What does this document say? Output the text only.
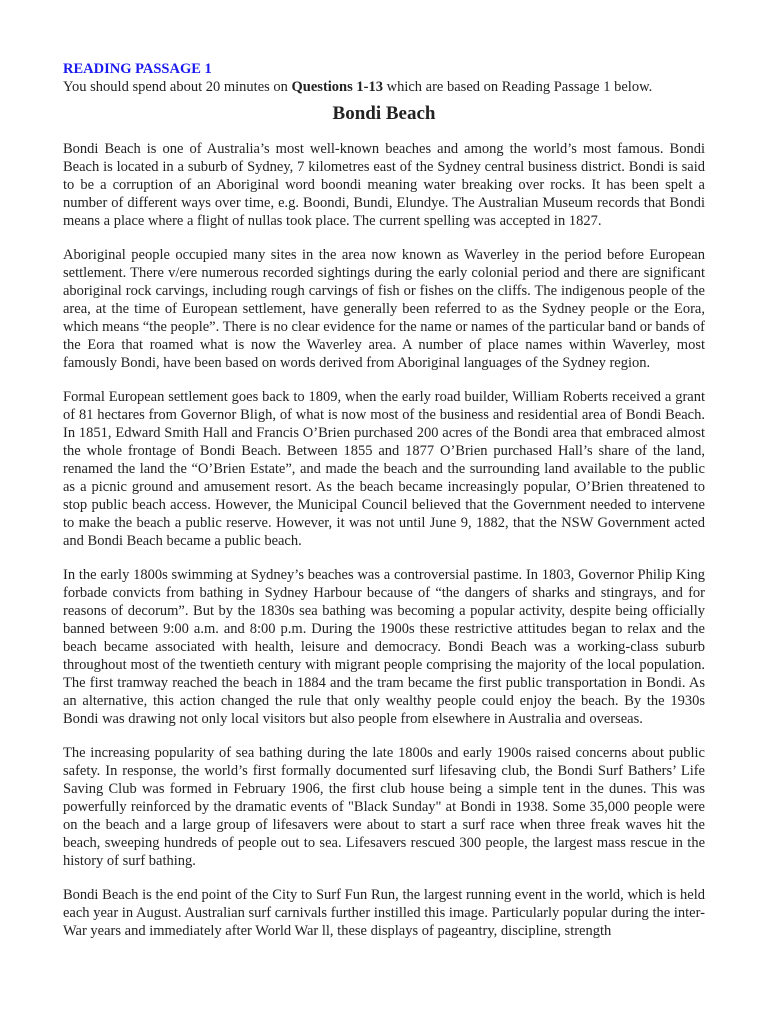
READING PASSAGE 1

You should spend about 20 minutes on Questions 1-13 which are based on Reading Passage 1 below.

Bondi Beach

Bondi Beach is one of Australia’s most well-known beaches and among the world’s most famous. Bondi Beach is located in a suburb of Sydney, 7 kilometres east of the Sydney central business district. Bondi is said to be a corruption of an Aboriginal word boondi meaning water breaking over rocks. It has been spelt a number of different ways over time, e.g. Boondi, Bundi, Elundye. The Australian Museum records that Bondi means a place where a flight of nullas took place. The current spelling was accepted in 1827.

Aboriginal people occupied many sites in the area now known as Waverley in the period before European settlement. There v/ere numerous recorded sightings during the early colonial period and there are significant aboriginal rock carvings, including rough carvings of fish or fishes on the cliffs. The indigenous people of the area, at the time of European settlement, have generally been referred to as the Sydney people or the Eora, which means “the people”. There is no clear evidence for the name or names of the particular band or bands of the Eora that roamed what is now the Waverley area. A number of place names within Waverley, most famously Bondi, have been based on words derived from Aboriginal languages of the Sydney region.

Formal European settlement goes back to 1809, when the early road builder, William Roberts received a grant of 81 hectares from Governor Bligh, of what is now most of the business and residential area of Bondi Beach. In 1851, Edward Smith Hall and Francis O’Brien purchased 200 acres of the Bondi area that embraced almost the whole frontage of Bondi Beach. Between 1855 and 1877 O’Brien purchased Hall’s share of the land, renamed the land the “O’Brien Estate”, and made the beach and the surrounding land available to the public as a picnic ground and amusement resort. As the beach became increasingly popular, O’Brien threatened to stop public beach access. However, the Municipal Council believed that the Government needed to intervene to make the beach a public reserve. However, it was not until June 9, 1882, that the NSW Government acted and Bondi Beach became a public beach.

In the early 1800s swimming at Sydney’s beaches was a controversial pastime. In 1803, Governor Philip King forbade convicts from bathing in Sydney Harbour because of “the dangers of sharks and stingrays, and for reasons of decorum”. But by the 1830s sea bathing was becoming a popular activity, despite being officially banned between 9:00 a.m. and 8:00 p.m. During the 1900s these restrictive attitudes began to relax and the beach became associated with health, leisure and democracy. Bondi Beach was a working-class suburb throughout most of the twentieth century with migrant people comprising the majority of the local population. The first tramway reached the beach in 1884 and the tram became the first public transportation in Bondi. As an alternative, this action changed the rule that only wealthy people could enjoy the beach. By the 1930s Bondi was drawing not only local visitors but also people from elsewhere in Australia and overseas.

The increasing popularity of sea bathing during the late 1800s and early 1900s raised concerns about public safety. In response, the world’s first formally documented surf lifesaving club, the Bondi Surf Bathers’ Life Saving Club was formed in February 1906, the first club house being a simple tent in the dunes. This was powerfully reinforced by the dramatic events of "Black Sunday" at Bondi in 1938. Some 35,000 people were on the beach and a large group of lifesavers were about to start a surf race when three freak waves hit the beach, sweeping hundreds of people out to sea. Lifesavers rescued 300 people, the largest mass rescue in the history of surf bathing.

Bondi Beach is the end point of the City to Surf Fun Run, the largest running event in the world, which is held each year in August. Australian surf carnivals further instilled this image. Particularly popular during the inter-War years and immediately after World War ll, these displays of pageantry, discipline, strength
